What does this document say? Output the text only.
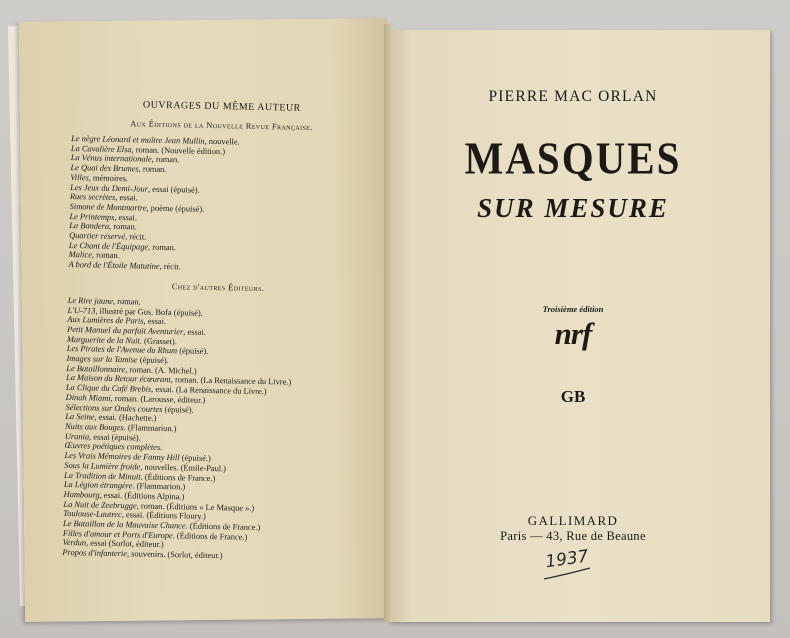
OUVRAGES DU MÊME AUTEUR
Aux Éditions de la Nouvelle Revue Française.
Le nègre Léonard et maître Jean Mullin, nouvelle.
La Cavalière Elsa, roman. (Nouvelle édition.)
La Vénus internationale, roman.
Le Quai des Brumes, roman.
Villes, mémoires.
Les Jeux du Demi-Jour, essai (épuisé).
Rues secrètes, essai.
Simone de Montmartre, poème (épuisé).
Le Printemps, essai.
La Bandera, roman.
Quartier réservé, récit.
Le Chant de l'Équipage, roman.
Malice, roman.
A bord de l'Étoile Matutine, récit.
Chez d'autres Éditeurs.
Le Rire jaune, roman.
L'U-713, illustré par Gus. Bofa (épuisé).
Aux Lumières de Paris, essai.
Petit Manuel du parfait Aventurier, essai.
Marguerite de la Nuit. (Grasset).
Les Pirates de l'Avenue du Rhum (épuisé).
Images sur la Tamise (épuisé).
Le Bataillonnaire, roman. (A. Michel.)
La Maison du Retour écœurant, roman. (La Renaissance du Livre.)
La Clique du Café Brebis, essai. (La Renaissance du Livre.)
Dinah Miami, roman. (Larousse, éditeur.)
Sélections sur Ondes courtes (épuisé).
La Seine, essai. (Hachette.)
Nuits aux Bouges. (Flammarion.)
Urania, essai (épuisé).
Œuvres poétiques complètes.
Les Vrais Mémoires de Fanny Hill (épuisé.)
Sous la Lumière froide, nouvelles. (Émile-Paul.)
La Tradition de Minuit. (Éditions de France.)
La Légion étrangère. (Flammarion.)
Hambourg, essai. (Éditions Alpina.)
La Nuit de Zeebrugge, roman. (Éditions « Le Masque ».)
Toulouse-Lautrec, essai. (Éditions Floury.)
Le Bataillon de la Mauvaise Chance. (Éditions de France.)
Filles d'amour et Ports d'Europe. (Éditions de France.)
Verdun, essai (Sorlot, éditeur.)
Propos d'infanterie, souvenirs. (Sorlot, éditeur.)
PIERRE MAC ORLAN
MASQUES
SUR MESURE
Troisième édition
nrf
GB
GALLIMARD
Paris — 43, Rue de Beaune
1937
